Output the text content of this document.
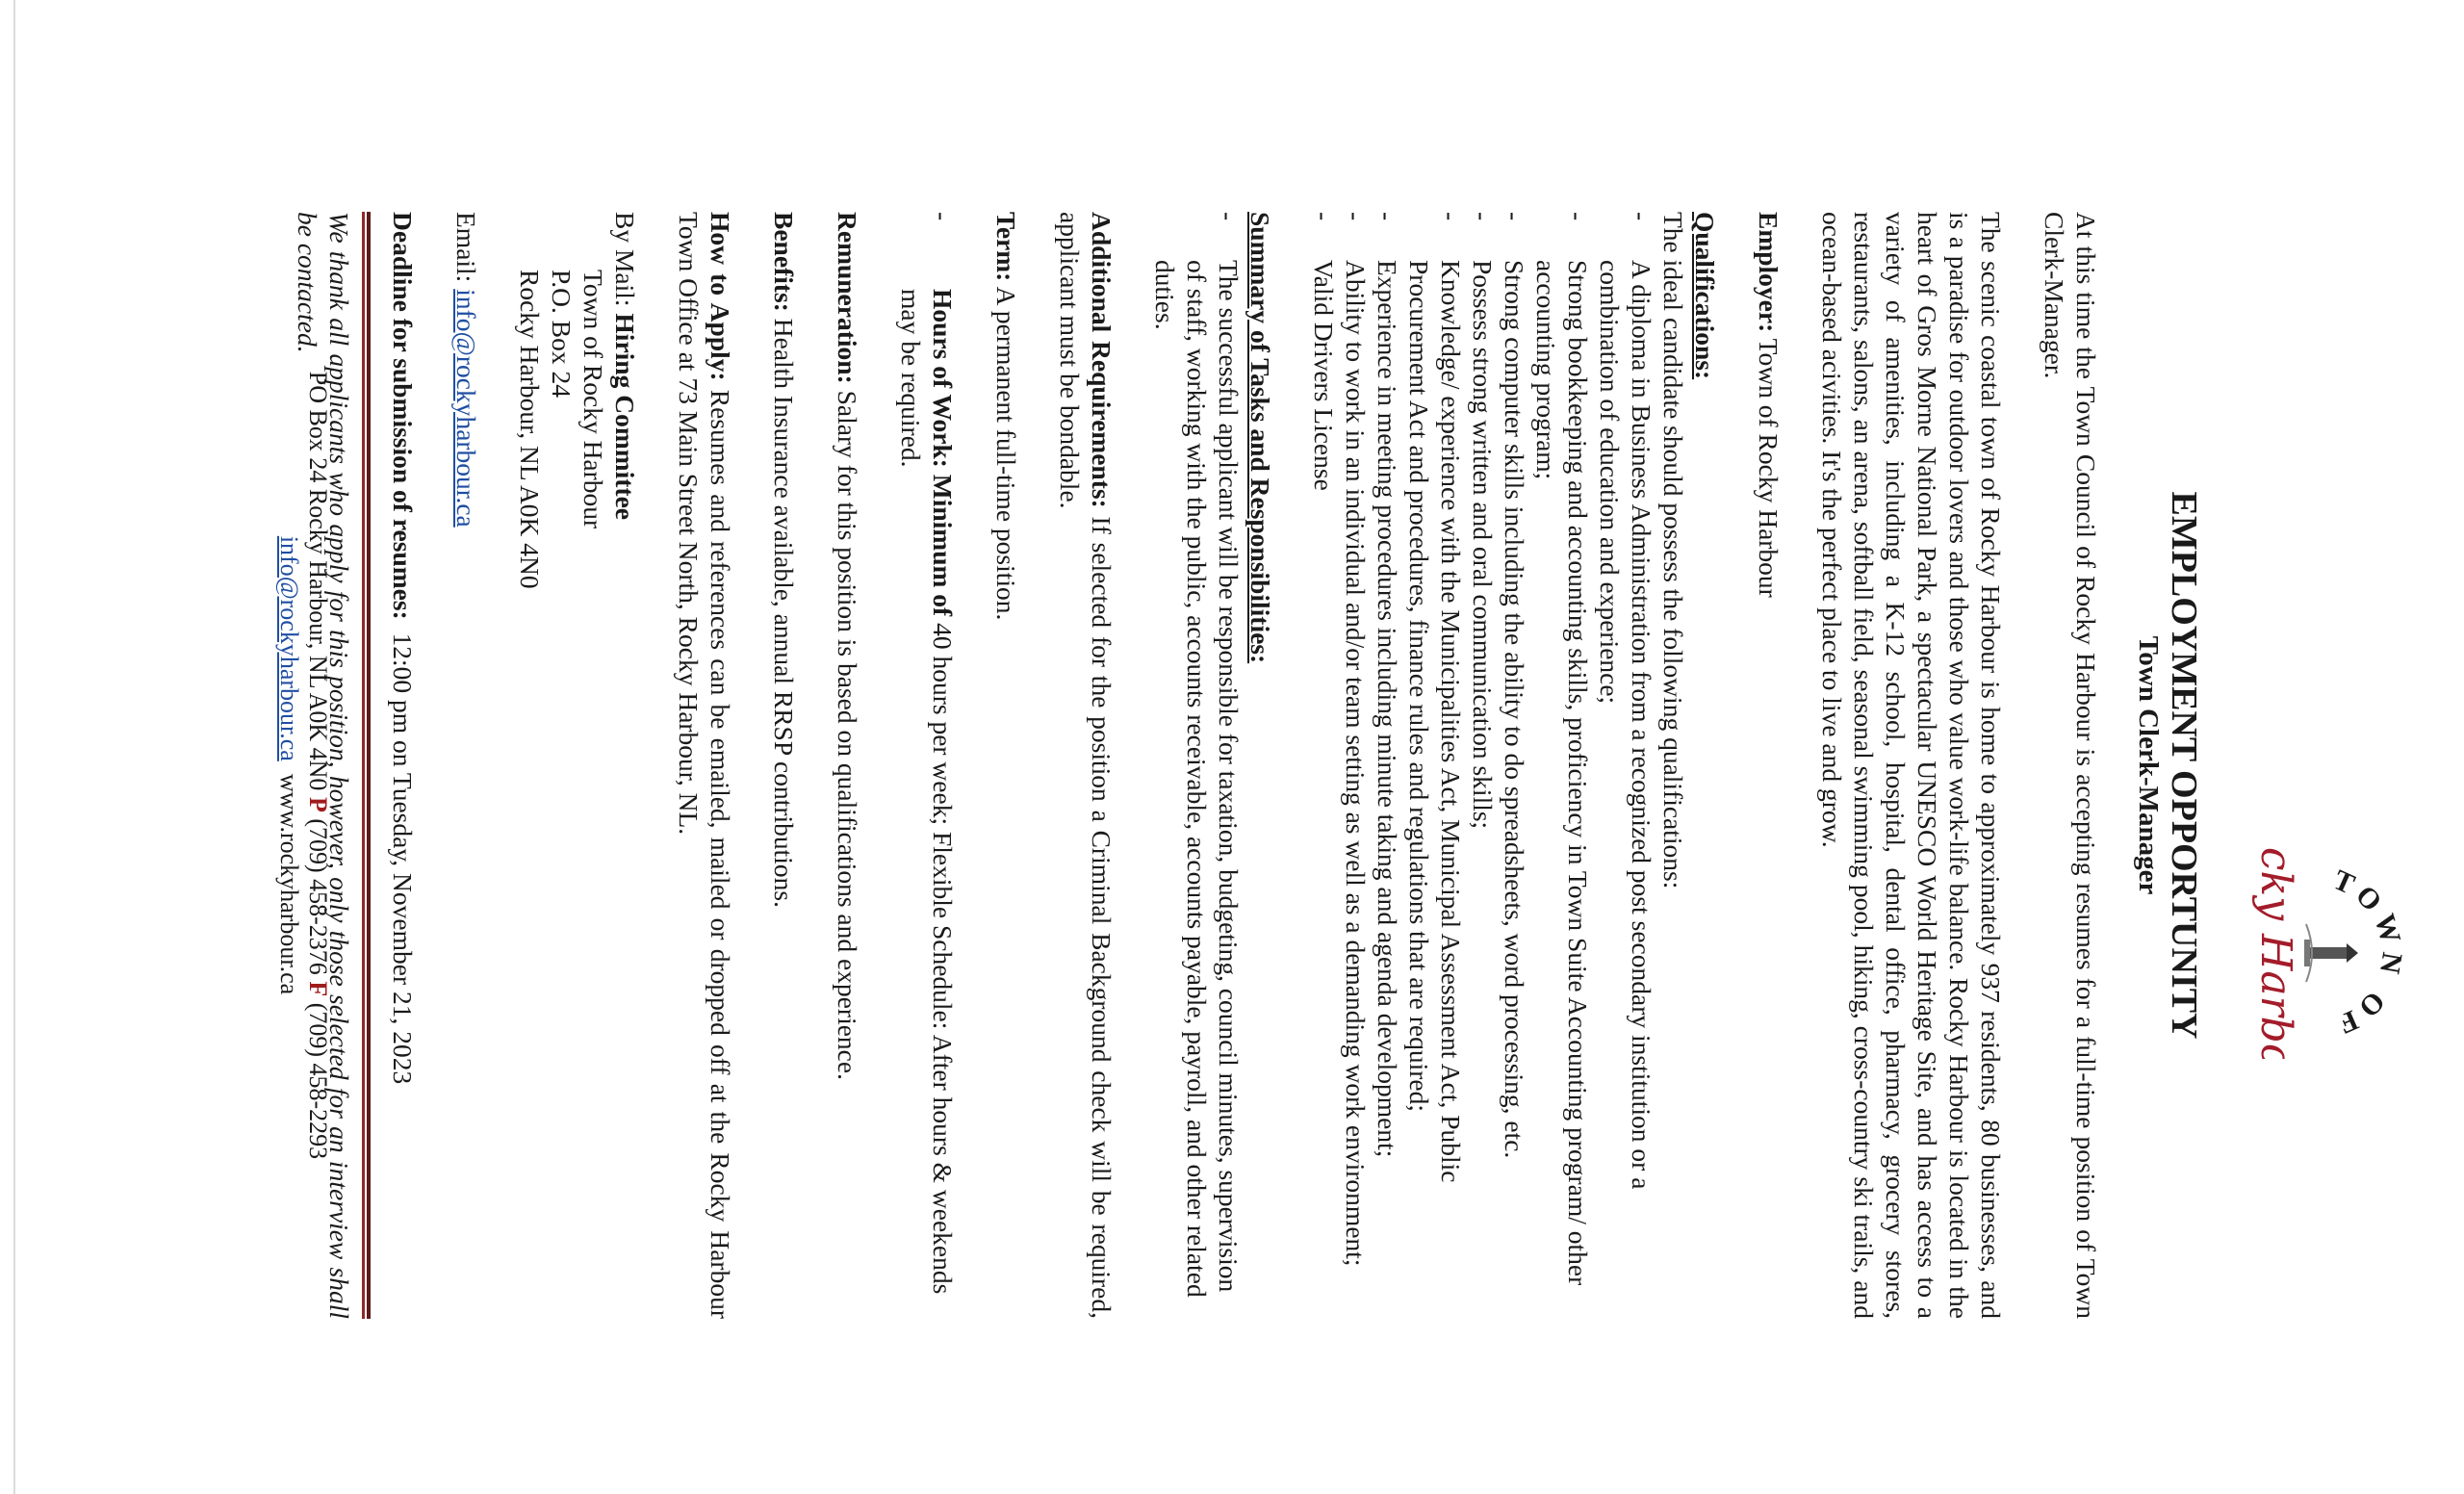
TOWN OF
Rocky Harbour
EMPLOYMENT OPPORTUNITY
Town Clerk-Manager

At this time the Town Council of Rocky Harbour is accepting resumes for a full-time position of Town Clerk-Manager.

The scenic coastal town of Rocky Harbour is home to approximately 937 residents, 80 businesses, and is a paradise for outdoor lovers and those who value work-life balance. Rocky Harbour is located in the heart of Gros Morne National Park, a spectacular UNESCO World Heritage Site, and has access to a variety of amenities, including a K-12 school, hospital, dental office, pharmacy, grocery stores, restaurants, salons, an arena, softball field, seasonal swimming pool, hiking, cross-country ski trails, and ocean-based acivities. It's the perfect place to live and grow.

Employer: Town of Rocky Harbour

Qualifications:

The ideal candidate should possess the following qualifications:

- A diploma in Business Administration from a recognized post secondary institution or a combination of education and experience;
- Strong bookkeeping and accounting skills, proficiency in Town Suite Accounting program/ other accounting program;
- Strong computer skills including the ability to do spreadsheets, word processing, etc.
- Possess strong written and oral communication skills;
- Knowledge/ experience with the Municipalities Act, Municipal Assessment Act, Public Procurement Act and procedures, finance rules and regulations that are required;
- Experience in meeting procedures including minute taking and agenda development;
- Ability to work in an individual and/or team setting as well as a demanding work environment;
- Valid Drivers License

Summary of Tasks and Responsibilities:

- The successful applicant will be responsible for taxation, budgeting, council minutes, supervision of staff, working with the public, accounts receivable, accounts payable, payroll, and other related duties.

Additional Requirements: If selected for the position a Criminal Background check will be required, applicant must be bondable.

Term: A permanent full-time position.

- Hours of Work: Minimum of 40 hours per week; Flexible Schedule: After hours & weekends may be required.

Remuneration: Salary for this position is based on qualifications and experience.

Benefits: Health Insurance available, annual RRSP contributions.

How to Apply: Resumes and references can be emailed, mailed or dropped off at the Rocky Harbour Town Office at 73 Main Street North, Rocky Harbour, NL.

By Mail: Hiring Committee
Town of Rocky Harbour
P.O. Box 24
Rocky Harbour, NL A0K 4N0

Email: info@rockyharbour.ca

Deadline for submission of resumes:  12:00 pm on Tuesday, November 21, 2023

We thank all applicants who apply for this position, however, only those selected for an interview shall be contacted.

PO Box 24 Rocky Harbour, NL A0K 4N0 P (709) 458-2376 F (709) 458-2293
info@rockyharbour.ca  www.rockyharbour.ca
